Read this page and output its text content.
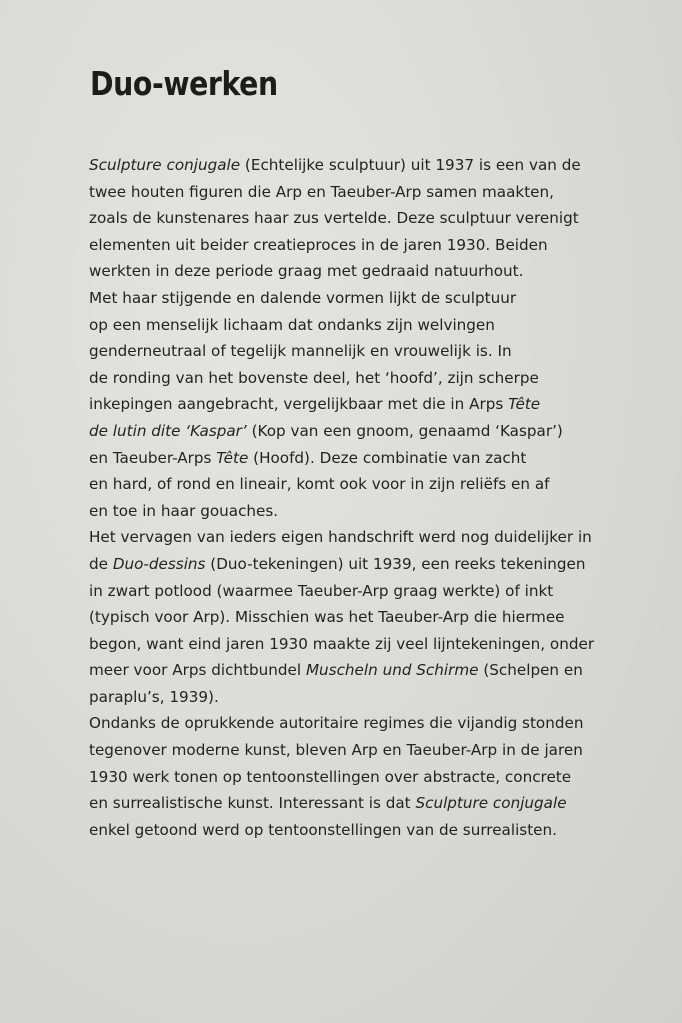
Duo-werken
Sculpture conjugale (Echtelijke sculptuur) uit 1937 is een van de
twee houten figuren die Arp en Taeuber-Arp samen maakten,
zoals de kunstenares haar zus vertelde. Deze sculptuur verenigt
elementen uit beider creatieproces in de jaren 1930. Beiden
werkten in deze periode graag met gedraaid natuurhout.
Met haar stijgende en dalende vormen lijkt de sculptuur
op een menselijk lichaam dat ondanks zijn welvingen
genderneutraal of tegelijk mannelijk en vrouwelijk is. In
de ronding van het bovenste deel, het ‘hoofd’, zijn scherpe
inkepingen aangebracht, vergelijkbaar met die in Arps Tête
de lutin dite ‘Kaspar’ (Kop van een gnoom, genaamd ‘Kaspar’)
en Taeuber-Arps Tête (Hoofd). Deze combinatie van zacht
en hard, of rond en lineair, komt ook voor in zijn reliëfs en af
en toe in haar gouaches.
Het vervagen van ieders eigen handschrift werd nog duidelijker in
de Duo-dessins (Duo-tekeningen) uit 1939, een reeks tekeningen
in zwart potlood (waarmee Taeuber-Arp graag werkte) of inkt
(typisch voor Arp). Misschien was het Taeuber-Arp die hiermee
begon, want eind jaren 1930 maakte zij veel lijntekeningen, onder
meer voor Arps dichtbundel Muscheln und Schirme (Schelpen en
paraplu’s, 1939).
Ondanks de oprukkende autoritaire regimes die vijandig stonden
tegenover moderne kunst, bleven Arp en Taeuber-Arp in de jaren
1930 werk tonen op tentoonstellingen over abstracte, concrete
en surrealistische kunst. Interessant is dat Sculpture conjugale
enkel getoond werd op tentoonstellingen van de surrealisten.
